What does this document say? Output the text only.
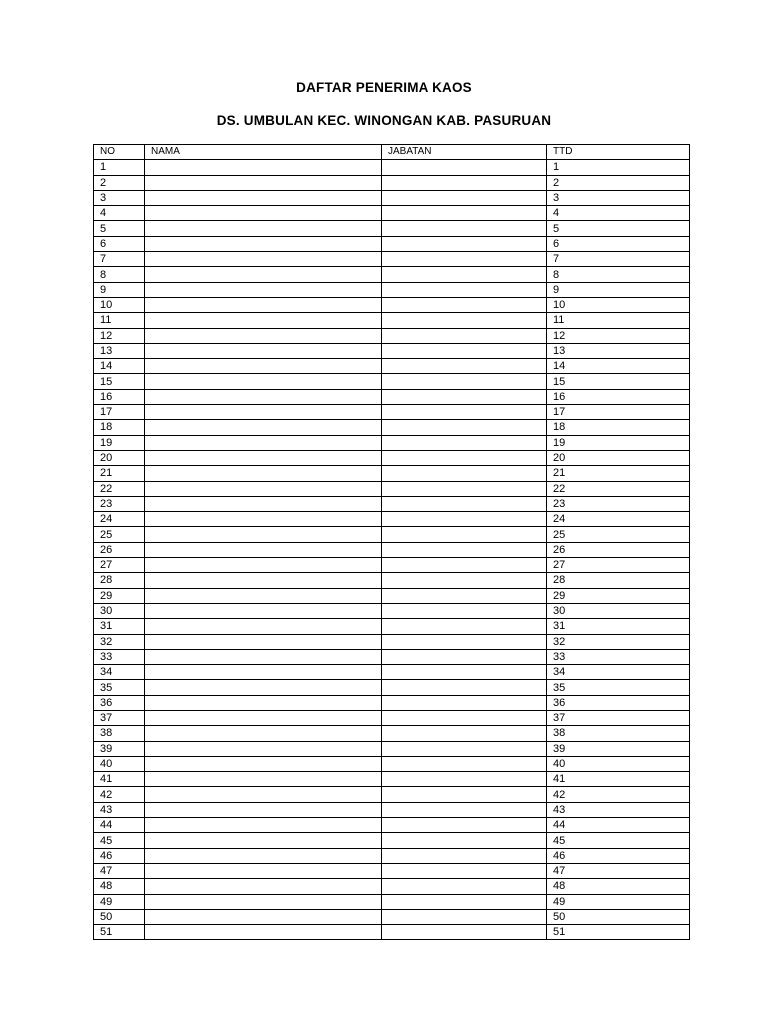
DAFTAR PENERIMA KAOS
DS. UMBULAN KEC. WINONGAN KAB. PASURUAN
NO	NAMA	JABATAN	TTD
1			1
2			2
3			3
4			4
5			5
6			6
7			7
8			8
9			9
10			10
11			11
12			12
13			13
14			14
15			15
16			16
17			17
18			18
19			19
20			20
21			21
22			22
23			23
24			24
25			25
26			26
27			27
28			28
29			29
30			30
31			31
32			32
33			33
34			34
35			35
36			36
37			37
38			38
39			39
40			40
41			41
42			42
43			43
44			44
45			45
46			46
47			47
48			48
49			49
50			50
51			51
